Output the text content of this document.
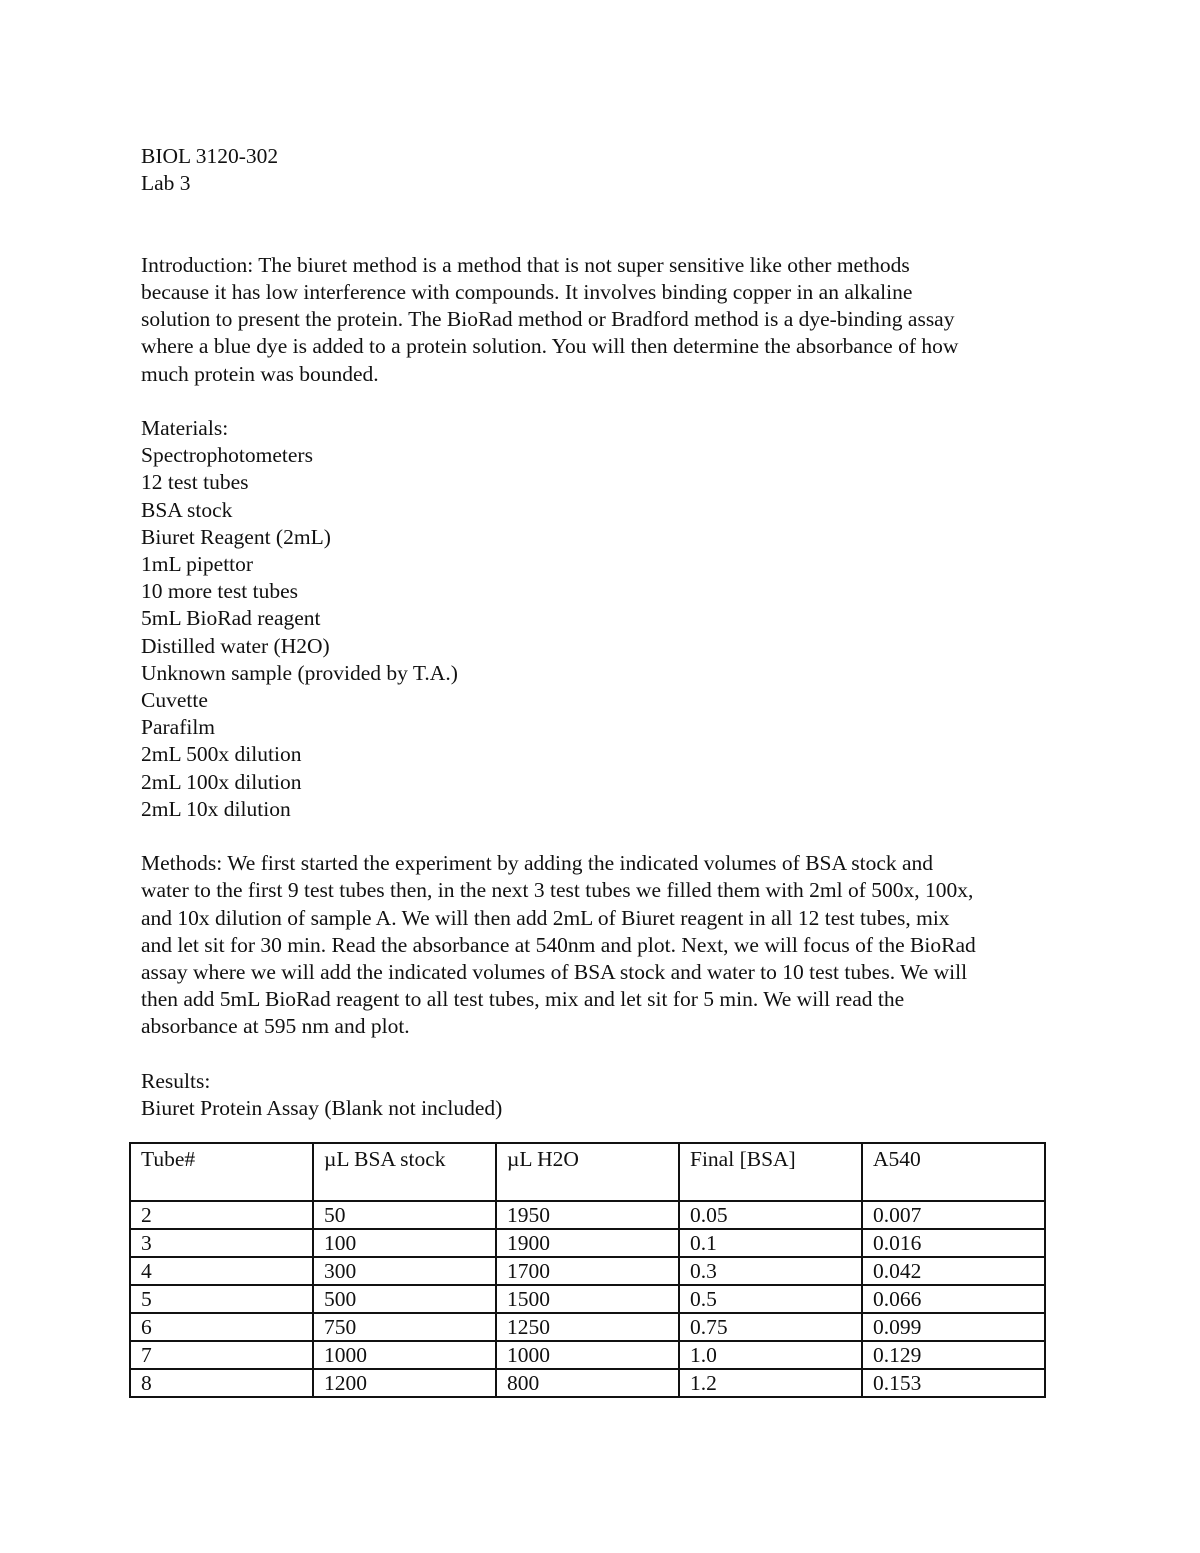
BIOL 3120-302
Lab 3
Introduction: The biuret method is a method that is not super sensitive like other methods
because it has low interference with compounds. It involves binding copper in an alkaline
solution to present the protein. The BioRad method or Bradford method is a dye-binding assay
where a blue dye is added to a protein solution. You will then determine the absorbance of how
much protein was bounded.
Materials:
Spectrophotometers
12 test tubes
BSA stock
Biuret Reagent (2mL)
1mL pipettor
10 more test tubes
5mL BioRad reagent
Distilled water (H2O)
Unknown sample (provided by T.A.)
Cuvette
Parafilm
2mL 500x dilution
2mL 100x dilution
2mL 10x dilution
Methods: We first started the experiment by adding the indicated volumes of BSA stock and
water to the first 9 test tubes then, in the next 3 test tubes we filled them with 2ml of 500x, 100x,
and 10x dilution of sample A. We will then add 2mL of Biuret reagent in all 12 test tubes, mix
and let sit for 30 min. Read the absorbance at 540nm and plot. Next, we will focus of the BioRad
assay where we will add the indicated volumes of BSA stock and water to 10 test tubes. We will
then add 5mL BioRad reagent to all test tubes, mix and let sit for 5 min. We will read the
absorbance at 595 nm and plot.
Results:
Biuret Protein Assay (Blank not included)
Tube#	µL BSA stock	µL H2O	Final [BSA]	A540
2	50	1950	0.05	0.007
3	100	1900	0.1	0.016
4	300	1700	0.3	0.042
5	500	1500	0.5	0.066
6	750	1250	0.75	0.099
7	1000	1000	1.0	0.129
8	1200	800	1.2	0.153
